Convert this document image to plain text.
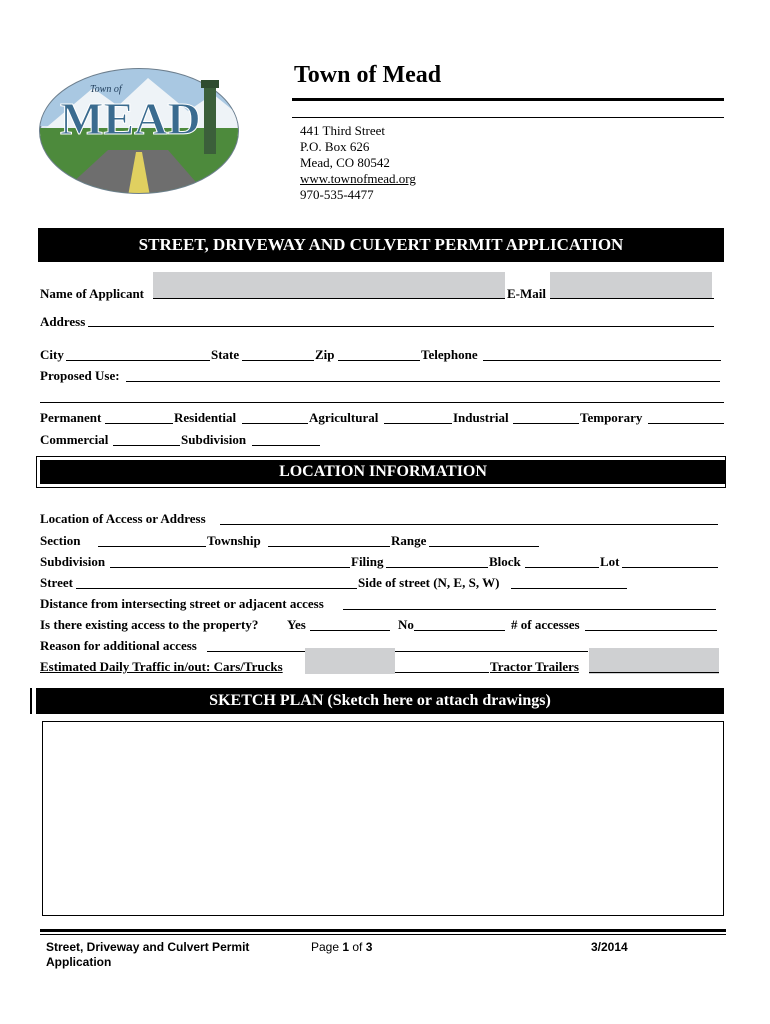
Town of
MEAD
Town of Mead
441 Third Street
P.O. Box 626
Mead, CO 80542
www.townofmead.org
970-535-4477
STREET, DRIVEWAY AND CULVERT PERMIT APPLICATION
Name of Applicant	E-Mail
Address
City	State	Zip	Telephone
Proposed Use:
Permanent	Residential	Agricultural	Industrial	Temporary
Commercial	Subdivision
LOCATION INFORMATION
Location of Access or Address
Section	Township	Range
Subdivision	Filing	Block	Lot
Street	Side of street (N, E, S, W)
Distance from intersecting street or adjacent access
Is there existing access to the property? Yes	No	# of accesses
Reason for additional access
Estimated Daily Traffic in/out: Cars/Trucks	Tractor Trailers
SKETCH PLAN (Sketch here or attach drawings)
Street, Driveway and Culvert Permit
Application
Page 1 of 3	3/2014
